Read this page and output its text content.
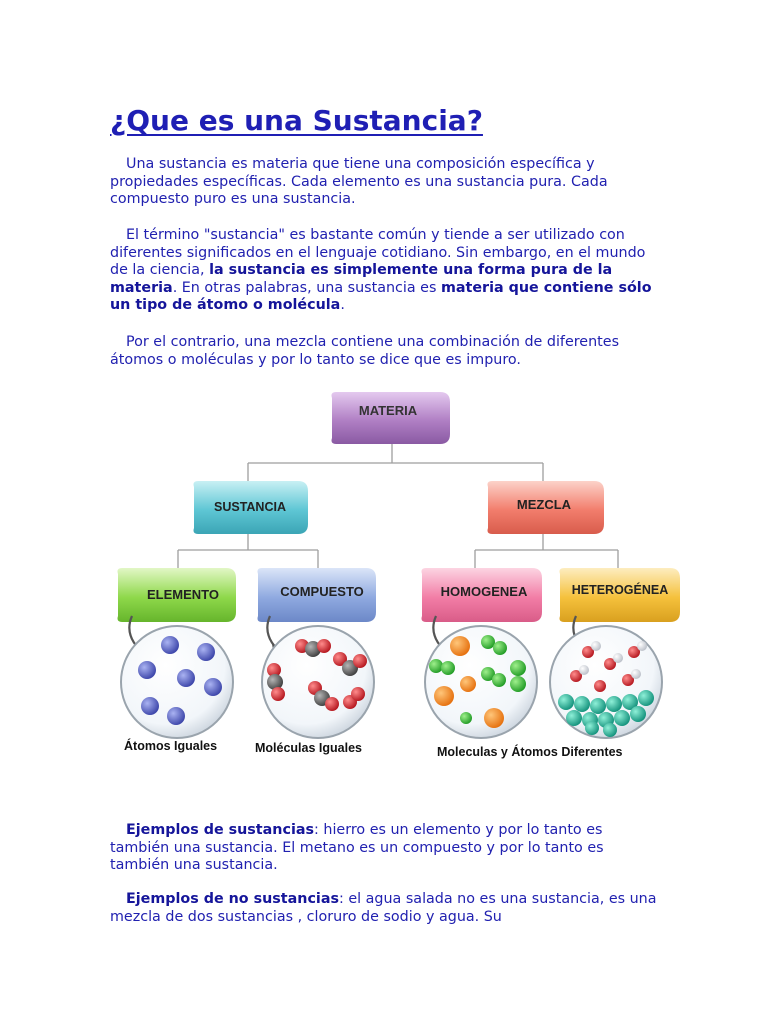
¿Que es una Sustancia?

Una sustancia es materia que tiene una composición específica y propiedades específicas. Cada elemento es una sustancia pura. Cada compuesto puro es una sustancia.

El término "sustancia" es bastante común y tiende a ser utilizado con diferentes significados en el lenguaje cotidiano. Sin embargo, en el mundo de la ciencia, la sustancia es simplemente una forma pura de la materia. En otras palabras, una sustancia es materia que contiene sólo un tipo de átomo o molécula.

Por el contrario, una mezcla contiene una combinación de diferentes átomos o moléculas y por lo tanto se dice que es impuro.

MATERIA
SUSTANCIA	MEZCLA
ELEMENTO	COMPUESTO	HOMOGENEA	HETEROGÉNEA
Átomos Iguales	Moléculas Iguales	Moleculas y Átomos Diferentes

Ejemplos de sustancias: hierro es un elemento y por lo tanto es también una sustancia. El metano es un compuesto y por lo tanto es también una sustancia.

Ejemplos de no sustancias: el agua salada no es una sustancia, es una mezcla de dos sustancias , cloruro de sodio y agua. Su
